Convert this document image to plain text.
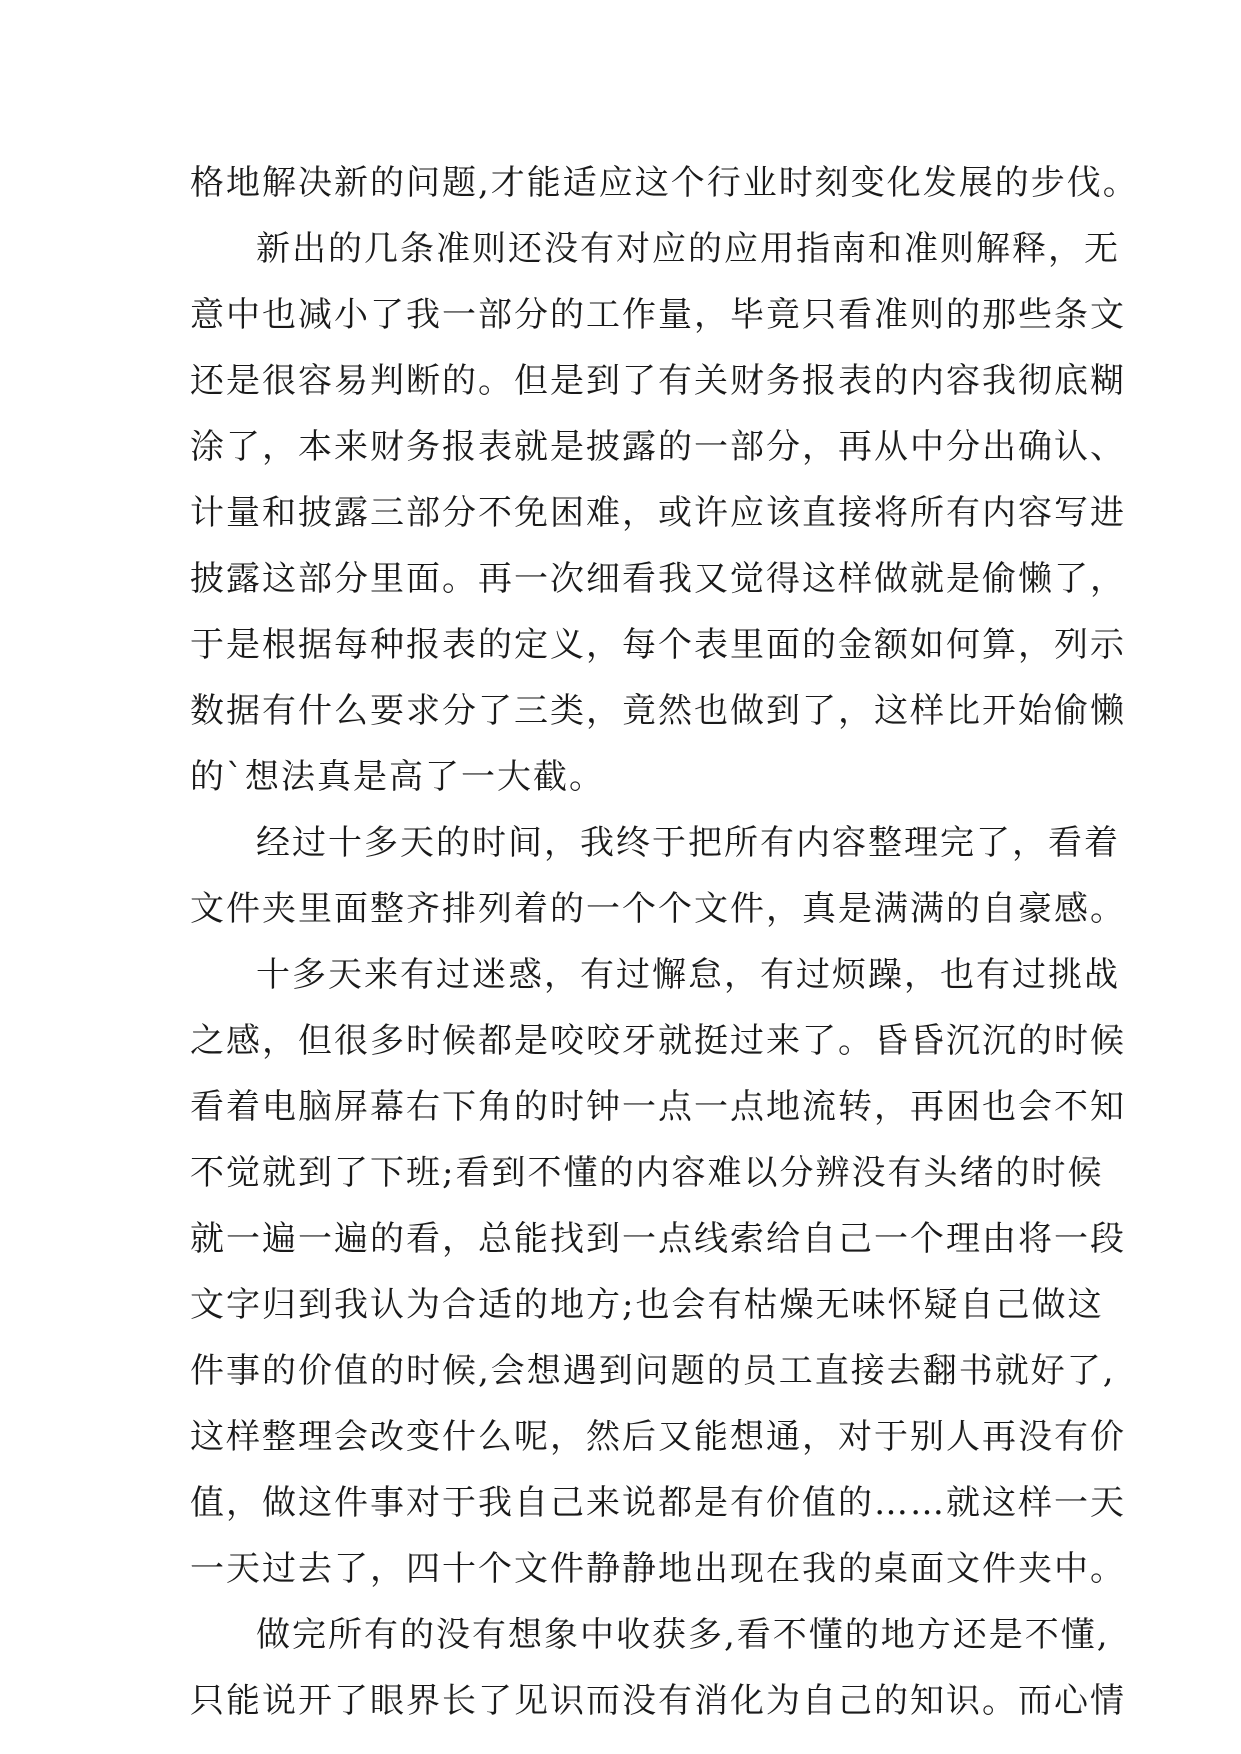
格地解决新的问题,才能适应这个行业时刻变化发展的步伐。
新出的几条准则还没有对应的应用指南和准则解释，无
意中也减小了我一部分的工作量，毕竟只看准则的那些条文
还是很容易判断的。但是到了有关财务报表的内容我彻底糊
涂了，本来财务报表就是披露的一部分，再从中分出确认、
计量和披露三部分不免困难，或许应该直接将所有内容写进
披露这部分里面。再一次细看我又觉得这样做就是偷懒了，
于是根据每种报表的定义，每个表里面的金额如何算，列示
数据有什么要求分了三类，竟然也做到了，这样比开始偷懒
的`想法真是高了一大截。
经过十多天的时间，我终于把所有内容整理完了，看着
文件夹里面整齐排列着的一个个文件，真是满满的自豪感。
十多天来有过迷惑，有过懈怠，有过烦躁，也有过挑战
之感，但很多时候都是咬咬牙就挺过来了。昏昏沉沉的时候
看着电脑屏幕右下角的时钟一点一点地流转，再困也会不知
不觉就到了下班;看到不懂的内容难以分辨没有头绪的时候
就一遍一遍的看，总能找到一点线索给自己一个理由将一段
文字归到我认为合适的地方;也会有枯燥无味怀疑自己做这
件事的价值的时候,会想遇到问题的员工直接去翻书就好了,
这样整理会改变什么呢，然后又能想通，对于别人再没有价
值，做这件事对于我自己来说都是有价值的……就这样一天
一天过去了，四十个文件静静地出现在我的桌面文件夹中。
做完所有的没有想象中收获多,看不懂的地方还是不懂,
只能说开了眼界长了见识而没有消化为自己的知识。而心情
